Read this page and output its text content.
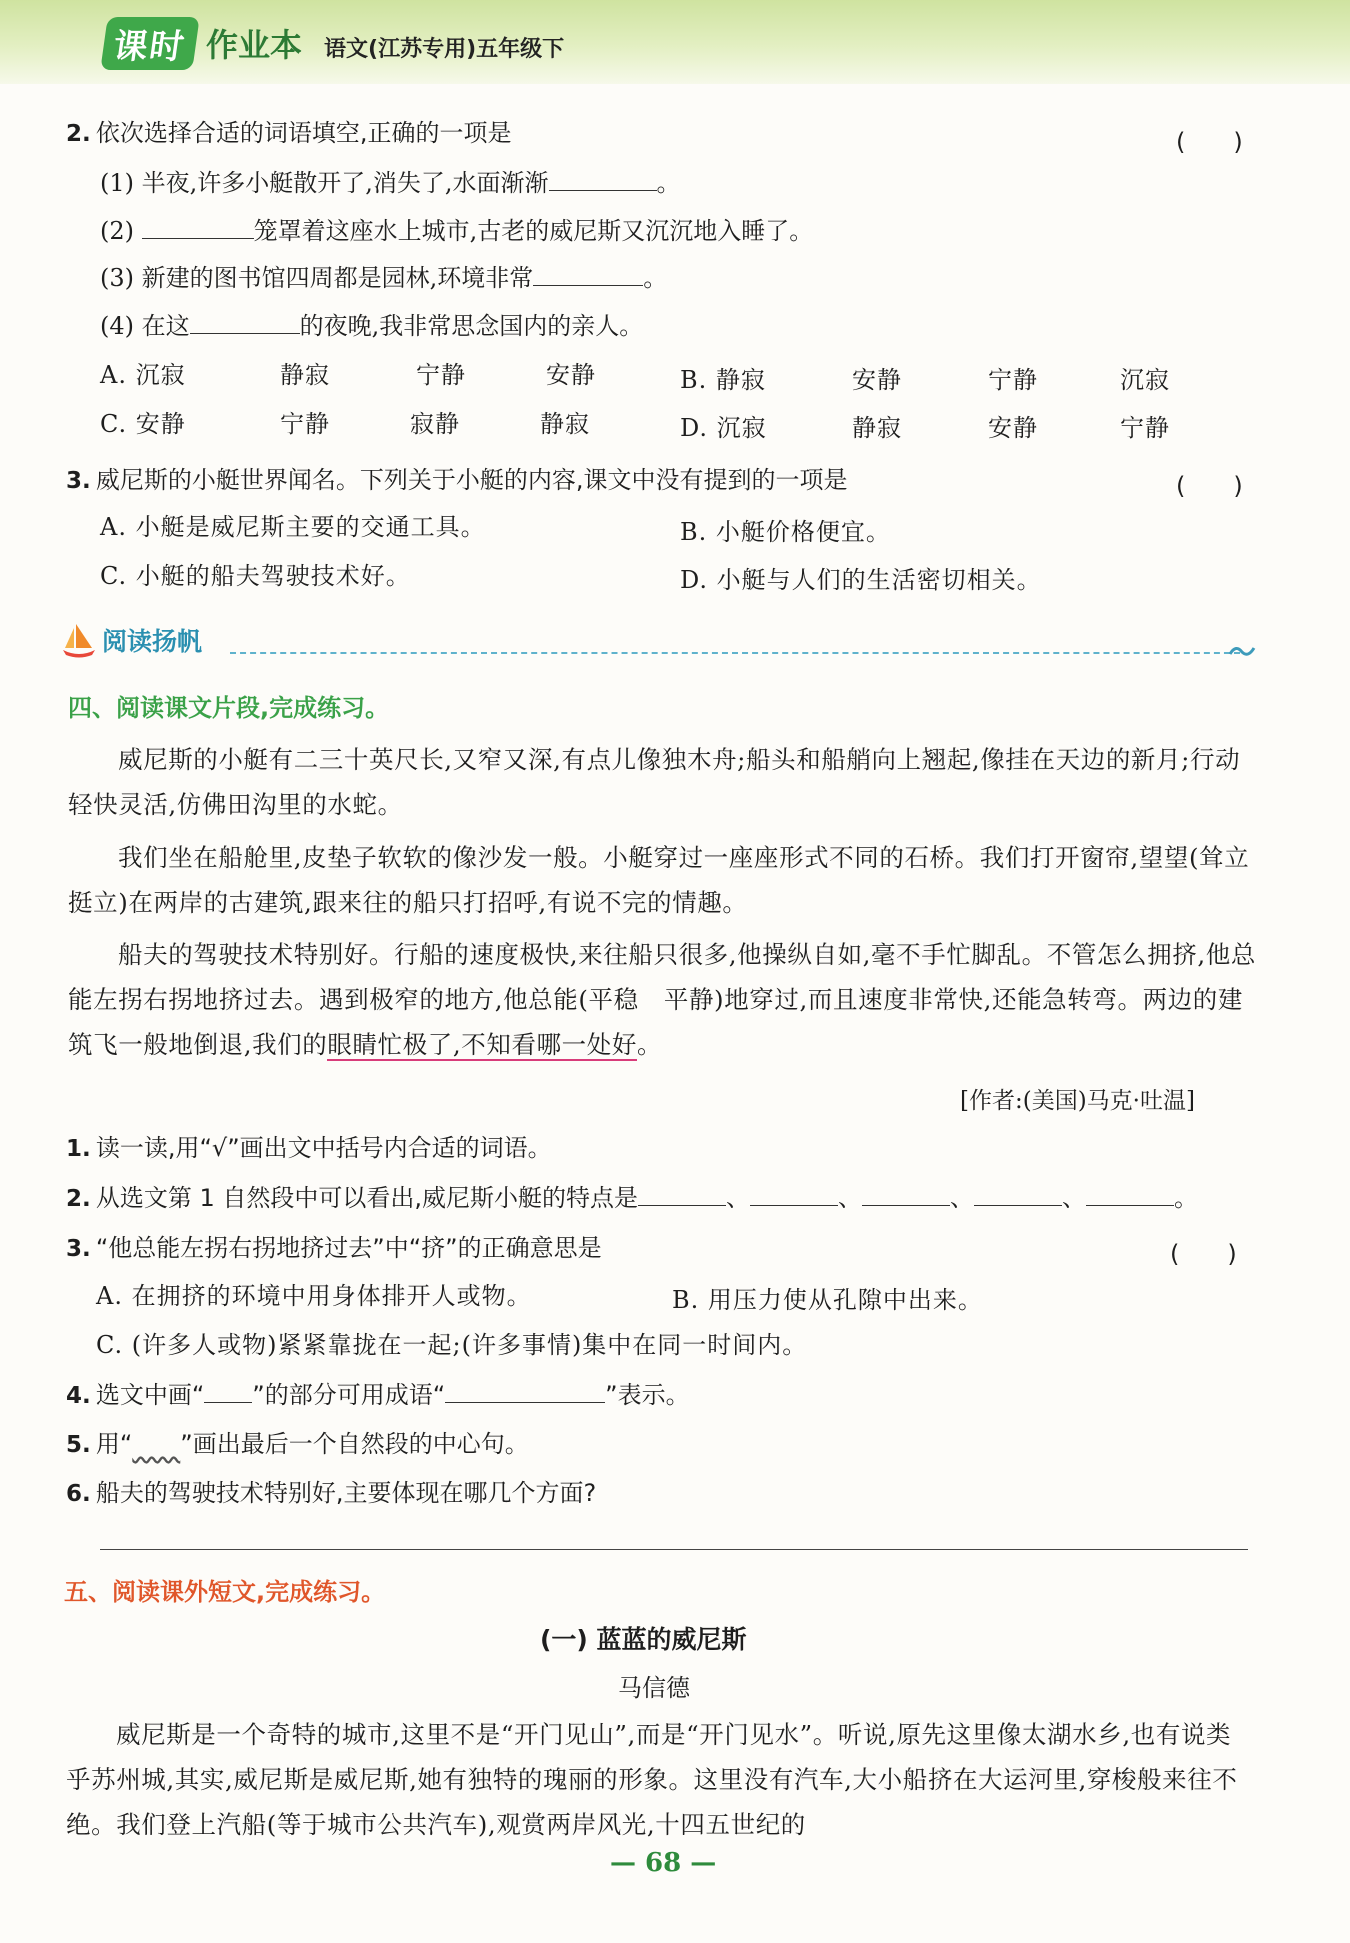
课时 作业本 语文(江苏专用)五年级下
2. 依次选择合适的词语填空,正确的一项是	(　　)
(1) 半夜,许多小艇散开了,消失了,水面渐渐	。
(2)	笼罩着这座水上城市,古老的威尼斯又沉沉地入睡了。
(3) 新建的图书馆四周都是园林,环境非常	。
(4) 在这	的夜晚,我非常思念国内的亲人。
A. 沉寂	静寂	宁静	安静	B. 静寂	安静	宁静	沉寂
C. 安静	宁静	寂静	静寂	D. 沉寂	静寂	安静	宁静
3. 威尼斯的小艇世界闻名。下列关于小艇的内容,课文中没有提到的一项是	(　　)
A. 小艇是威尼斯主要的交通工具。	B. 小艇价格便宜。
C. 小艇的船夫驾驶技术好。	D. 小艇与人们的生活密切相关。
阅读扬帆
四、阅读课文片段,完成练习。
威尼斯的小艇有二三十英尺长,又窄又深,有点儿像独木舟;船头和船艄向上翘起,像挂在天边的新月;行动轻快灵活,仿佛田沟里的水蛇。
我们坐在船舱里,皮垫子软软的像沙发一般。小艇穿过一座座形式不同的石桥。我们打开窗帘,望望(耸立　挺立)在两岸的古建筑,跟来往的船只打招呼,有说不完的情趣。
船夫的驾驶技术特别好。行船的速度极快,来往船只很多,他操纵自如,毫不手忙脚乱。不管怎么拥挤,他总能左拐右拐地挤过去。遇到极窄的地方,他总能(平稳　平静)地穿过,而且速度非常快,还能急转弯。两边的建筑飞一般地倒退,我们的眼睛忙极了,不知看哪一处好。
[作者:(美国)马克·吐温]
1. 读一读,用“√”画出文中括号内合适的词语。
2. 从选文第 1 自然段中可以看出,威尼斯小艇的特点是	、	、	、	、	。
3. “他总能左拐右拐地挤过去”中“挤”的正确意思是	(　　)
A. 在拥挤的环境中用身体排开人或物。	B. 用压力使从孔隙中出来。
C. (许多人或物)紧紧靠拢在一起;(许多事情)集中在同一时间内。
4. 选文中画“ ”的部分可用成语“	”表示。
5. 用“　　 ”画出最后一个自然段的中心句。
6. 船夫的驾驶技术特别好,主要体现在哪几个方面?
五、阅读课外短文,完成练习。
(一) 蓝蓝的威尼斯
马信德
威尼斯是一个奇特的城市,这里不是“开门见山”,而是“开门见水”。听说,原先这里像太湖水乡,也有说类乎苏州城,其实,威尼斯是威尼斯,她有独特的瑰丽的形象。这里没有汽车,大小船挤在大运河里,穿梭般来往不绝。我们登上汽船(等于城市公共汽车),观赏两岸风光,十四五世纪的
— 68 —
